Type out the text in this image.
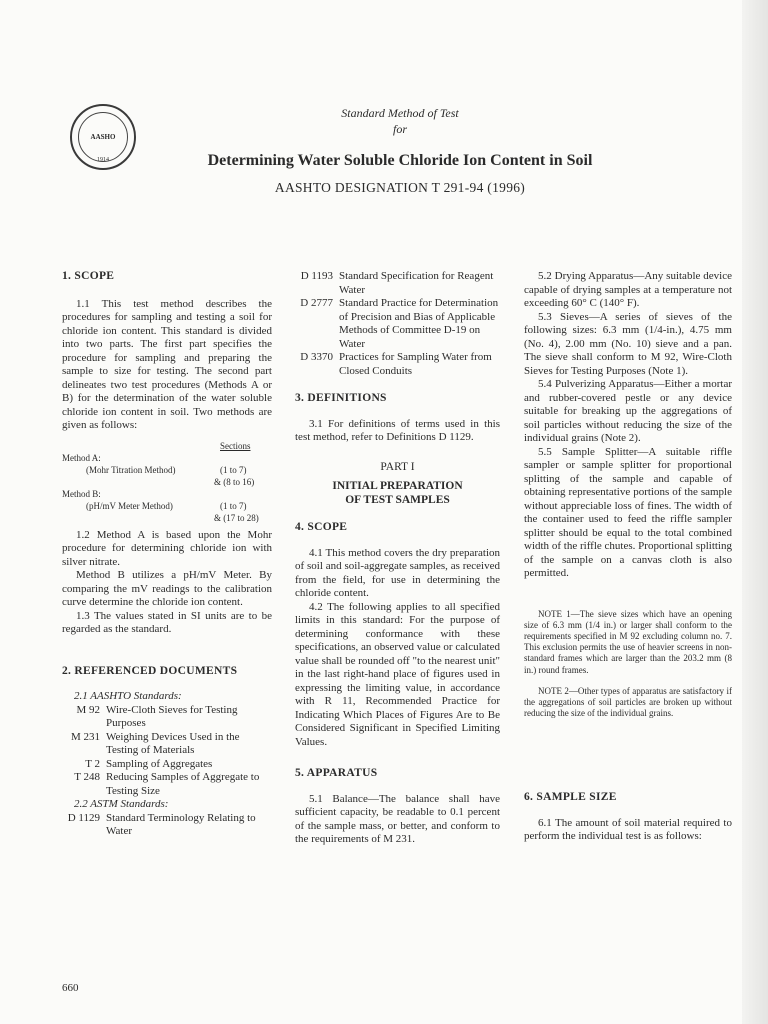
AASHO
1914
Standard Method of Test
for
Determining Water Soluble Chloride Ion Content in Soil
AASHTO DESIGNATION T 291-94 (1996)
1. SCOPE

1.1 This test method describes the procedures for sampling and testing a soil for chloride ion content. This standard is divided into two parts. The first part specifies the procedure for sampling and preparing the sample to size for testing. The second part delineates two test procedures (Methods A or B) for the determination of the water soluble chloride ion content in soil. Two methods are given as follows:

Sections
Method A:
(Mohr Titration Method)	(1 to 7)
& (8 to 16)
Method B:
(pH/mV Meter Method)	(1 to 7)
& (17 to 28)

1.2 Method A is based upon the Mohr procedure for determining chloride ion with silver nitrate.

Method B utilizes a pH/mV Meter. By comparing the mV readings to the calibration curve determine the chloride ion content.

1.3 The values stated in SI units are to be regarded as the standard.

2. REFERENCED DOCUMENTS

2.1 AASHTO Standards:

M 92 Wire-Cloth Sieves for Testing Purposes
M 231 Weighing Devices Used in the Testing of Materials
T 2 Sampling of Aggregates
T 248 Reducing Samples of Aggregate to Testing Size

2.2 ASTM Standards:

D 1129 Standard Terminology Relating to Water
D 1193 Standard Specification for Reagent Water
D 2777 Standard Practice for Determination of Precision and Bias of Applicable Methods of Committee D-19 on Water
D 3370 Practices for Sampling Water from Closed Conduits
3. DEFINITIONS

3.1 For definitions of terms used in this test method, refer to Definitions D 1129.

PART I

INITIAL PREPARATION

OF TEST SAMPLES

4. SCOPE

4.1 This method covers the dry preparation of soil and soil-aggregate samples, as received from the field, for use in determining the chloride content.

4.2 The following applies to all specified limits in this standard: For the purpose of determining conformance with these specifications, an observed value or calculated value shall be rounded off "to the nearest unit" in the last right-hand place of figures used in expressing the limiting value, in accordance with R 11, Recommended Practice for Indicating Which Places of Figures Are to Be Considered Significant in Specified Limiting Values.

5. APPARATUS

5.1 Balance—The balance shall have sufficient capacity, be readable to 0.1 percent of the sample mass, or better, and conform to the requirements of M 231.

5.2 Drying Apparatus—Any suitable device capable of drying samples at a temperature not exceeding 60° C (140° F).

5.3 Sieves—A series of sieves of the following sizes: 6.3 mm (1/4-in.), 4.75 mm (No. 4), 2.00 mm (No. 10) sieve and a pan. The sieve shall conform to M 92, Wire-Cloth Sieves for Testing Purposes (Note 1).

5.4 Pulverizing Apparatus—Either a mortar and rubber-covered pestle or any device suitable for breaking up the aggregations of soil particles without reducing the size of the individual grains (Note 2).

5.5 Sample Splitter—A suitable riffle sampler or sample splitter for proportional splitting of the sample and capable of obtaining representative portions of the sample without appreciable loss of fines. The width of the container used to feed the riffle sampler splitter should be equal to the total combined width of the riffle chutes. Proportional splitting of the sample on a canvas cloth is also permitted.

NOTE 1—The sieve sizes which have an opening size of 6.3 mm (1/4 in.) or larger shall conform to the requirements specified in M 92 excluding column no. 7. This exclusion permits the use of heavier screens in non-standard frames which are larger than the 203.2 mm (8 in.) round frames.

NOTE 2—Other types of apparatus are satisfactory if the aggregations of soil particles are broken up without reducing the size of the individual grains.

6. SAMPLE SIZE

6.1 The amount of soil material required to perform the individual test is as follows:

660
